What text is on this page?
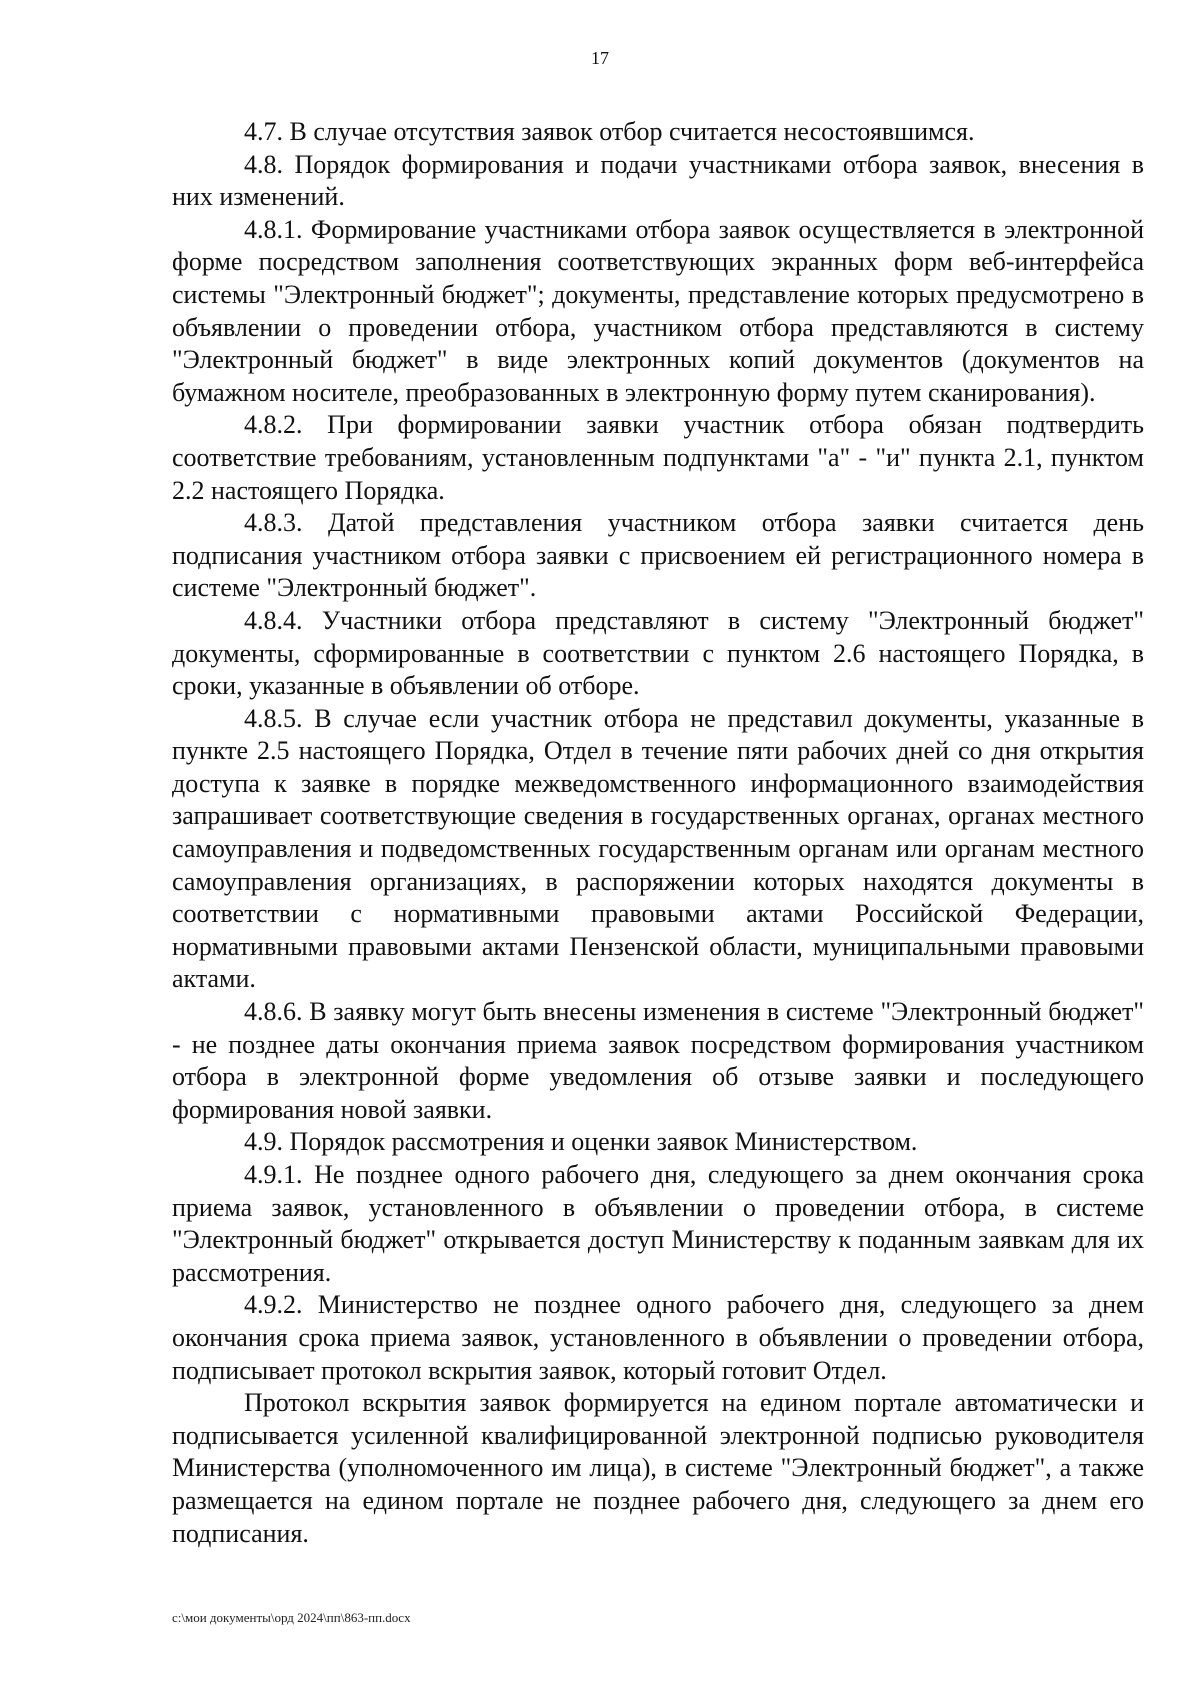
17

4.7. В случае отсутствия заявок отбор считается несостоявшимся.

4.8. Порядок формирования и подачи участниками отбора заявок, внесения в них изменений.

4.8.1. Формирование участниками отбора заявок осуществляется в электронной форме посредством заполнения соответствующих экранных форм веб-интерфейса системы "Электронный бюджет"; документы, представление которых предусмотрено в объявлении о проведении отбора, участником отбора представляются в систему "Электронный бюджет" в виде электронных копий документов (документов на бумажном носителе, преобразованных в электронную форму путем сканирования).

4.8.2. При формировании заявки участник отбора обязан подтвердить соответствие требованиям, установленным подпунктами "а" - "и" пункта 2.1, пунктом 2.2 настоящего Порядка.

4.8.3. Датой представления участником отбора заявки считается день подписания участником отбора заявки с присвоением ей регистрационного номера в системе "Электронный бюджет".

4.8.4. Участники отбора представляют в систему "Электронный бюджет" документы, сформированные в соответствии с пунктом 2.6 настоящего Порядка, в сроки, указанные в объявлении об отборе.

4.8.5. В случае если участник отбора не представил документы, указанные в пункте 2.5 настоящего Порядка, Отдел в течение пяти рабочих дней со дня открытия доступа к заявке в порядке межведомственного информационного взаимодействия запрашивает соответствующие сведения в государственных органах, органах местного самоуправления и подведомственных государственным органам или органам местного самоуправления организациях, в распоряжении которых находятся документы в соответствии с нормативными правовыми актами Российской Федерации, нормативными правовыми актами Пензенской области, муниципальными правовыми актами.

4.8.6. В заявку могут быть внесены изменения в системе "Электронный бюджет" - не позднее даты окончания приема заявок посредством формирования участником отбора в электронной форме уведомления об отзыве заявки и последующего формирования новой заявки.

4.9. Порядок рассмотрения и оценки заявок Министерством.

4.9.1. Не позднее одного рабочего дня, следующего за днем окончания срока приема заявок, установленного в объявлении о проведении отбора, в системе "Электронный бюджет" открывается доступ Министерству к поданным заявкам для их рассмотрения.

4.9.2. Министерство не позднее одного рабочего дня, следующего за днем окончания срока приема заявок, установленного в объявлении о проведении отбора, подписывает протокол вскрытия заявок, который готовит Отдел.

Протокол вскрытия заявок формируется на едином портале автоматически и подписывается усиленной квалифицированной электронной подписью руководителя Министерства (уполномоченного им лица), в системе "Электронный бюджет", а также размещается на едином портале не позднее рабочего дня, следующего за днем его подписания.

c:\мои документы\орд 2024\пп\863-пп.docx
